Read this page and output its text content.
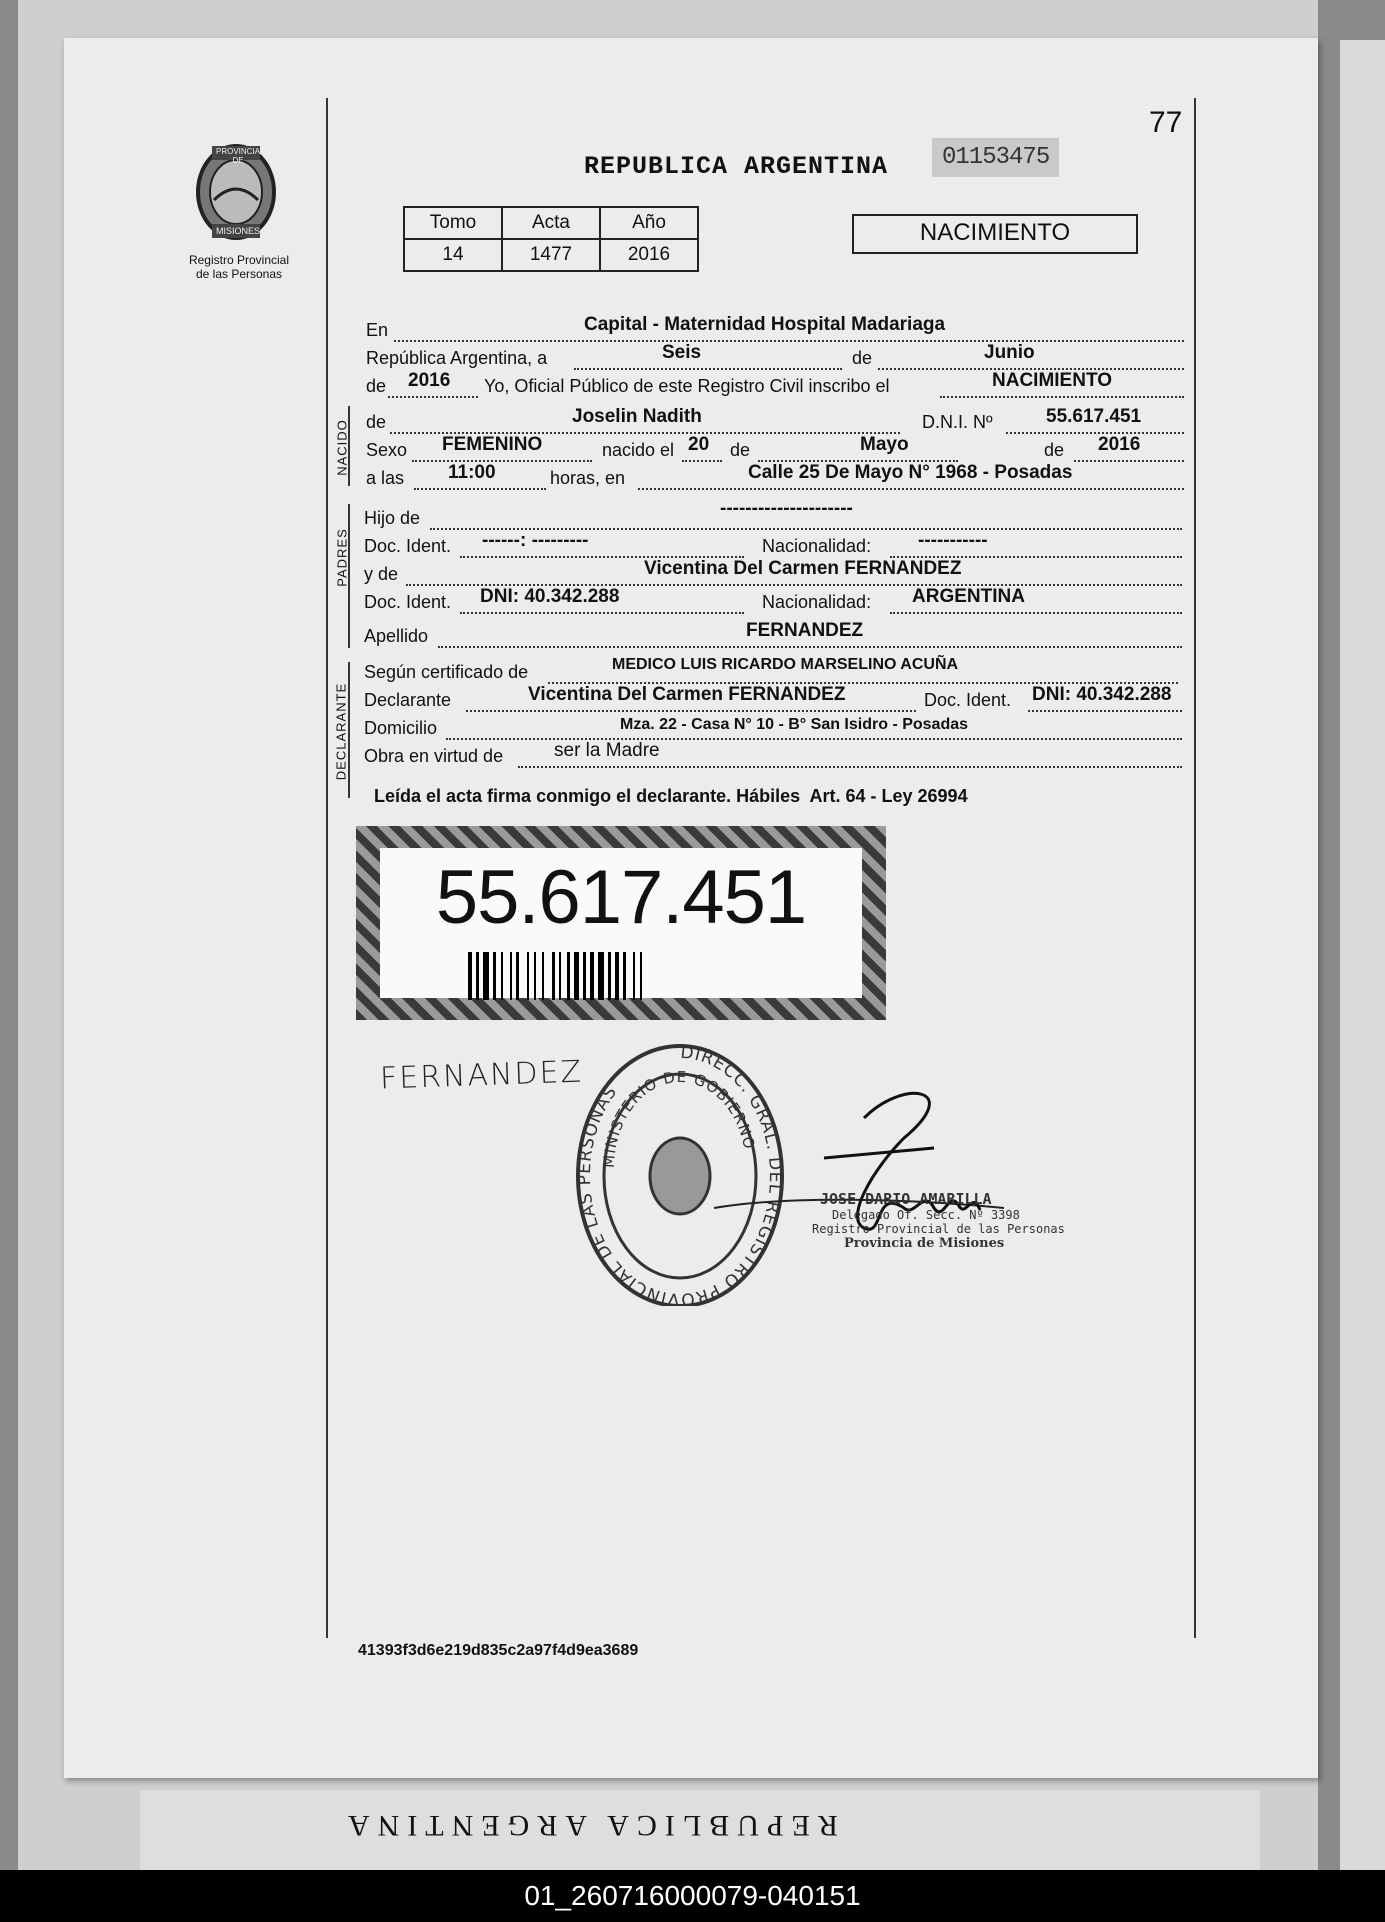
REPUBLICA ARGENTINA
PROVINCIA DE
MISIONES
Registro Provincial
de las Personas
77
REPUBLICA ARGENTINA	01153475
Tomo	Acta	Año
14	1477	2016
NACIMIENTO
En	Capital - Maternidad Hospital Madariaga
República Argentina, a	Seis	de	Junio
de 2016 Yo, Oficial Público de este Registro Civil inscribo el	NACIMIENTO
NACIDO de	Joselin Nadith	D.N.I. Nº	55.617.451
Sexo FEMENINO	nacido el 20 de	Mayo	de 2016
a las 11:00	horas, en	Calle 25 De Mayo N° 1968 - Posadas
PADRES
Hijo de	---------------------
Doc. Ident. ------: ---------	Nacionalidad: -----------
y de	Vicentina Del Carmen FERNANDEZ
Doc. Ident. DNI: 40.342.288	Nacionalidad: ARGENTINA
Apellido	FERNANDEZ
DECLARANTE
Según certificado de	MEDICO LUIS RICARDO MARSELINO ACUÑA
Declarante	Vicentina Del Carmen FERNANDEZ	Doc. Ident. DNI: 40.342.288
Domicilio	Mza. 22 - Casa N° 10 - B° San Isidro - Posadas
Obra en virtud de	ser la Madre
Leída el acta firma conmigo el declarante. Hábiles  Art. 64 - Ley 26994
55.617.451
FERNANDEZ
DIRECC. GRAL. DEL REGISTRO PROVINCIAL DE LAS PERSONAS
MINISTERIO DE GOBIERNO
JOSE DARIO AMARILLA
Delegado Of. Secc. Nº 3398
Registro Provincial de las Personas
Provincia de Misiones
41393f3d6e219d835c2a97f4d9ea3689
01_260716000079-040151
